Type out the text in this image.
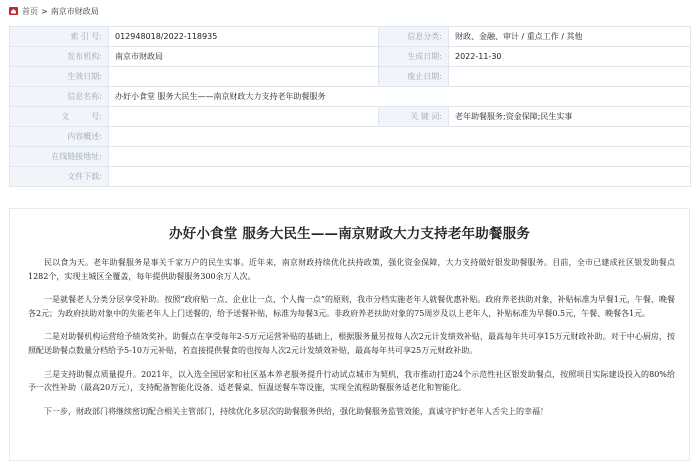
首页 > 南京市财政局
索 引 号:	012948018/2022-118935	信息分类:	财政、金融、审计 / 重点工作 / 其他
发布机构:	南京市财政局	生成日期:	2022-11-30
生效日期:		废止日期:	
信息名称:	办好小食堂 服务大民生——南京财政大力支持老年助餐服务		
文 号:		关 键 词:	老年助餐服务;资金保障;民生实事
内容概述:			
在线链接地址:			
文件下载:			
办好小食堂 服务大民生——南京财政大力支持老年助餐服务

民以食为天。老年助餐服务是事关千家万户的民生实事。近年来，南京财政持续优化扶持政策，强化资金保障，大力支持做好银发助餐服务。目前，全市已建成社区银发助餐点1282个，实现主城区全覆盖，每年提供助餐服务300余万人次。

一是就餐老人分类分层享受补助。按照“政府贴一点、企业让一点、个人掏一点”的原则，我市分档实施老年人就餐优惠补贴。政府养老扶助对象，补贴标准为早餐1元，午餐、晚餐各2元；为政府扶助对象中的失能老年人上门送餐的，给予送餐补贴，标准为每餐3元。非政府养老扶助对象的75周岁及以上老年人，补贴标准为早餐0.5元，午餐、晚餐各1元。

二是对助餐机构运营给予绩效奖补。助餐点在享受每年2-5万元运营补贴的基础上，根据服务量另按每人次2元计发绩效补贴，最高每年共可享15万元财政补助。对于中心厨房，按照配送助餐点数量分档给予5-10万元补贴，若直接提供餐食的也按每人次2元计发绩效补贴，最高每年共可享25万元财政补助。

三是支持助餐点质量提升。2021年，以入选全国居家和社区基本养老服务提升行动试点城市为契机，我市推动打造24个示范性社区银发助餐点，按照项目实际建设投入的80%给予一次性补助（最高20万元），支持配备智能化设备、适老餐桌、恒温送餐车等设施，实现全流程助餐服务适老化和智能化。

下一步，财政部门将继续密切配合相关主管部门，持续优化多层次的助餐服务供给，强化助餐服务监管效能，真诚守护好老年人舌尖上的幸福！
